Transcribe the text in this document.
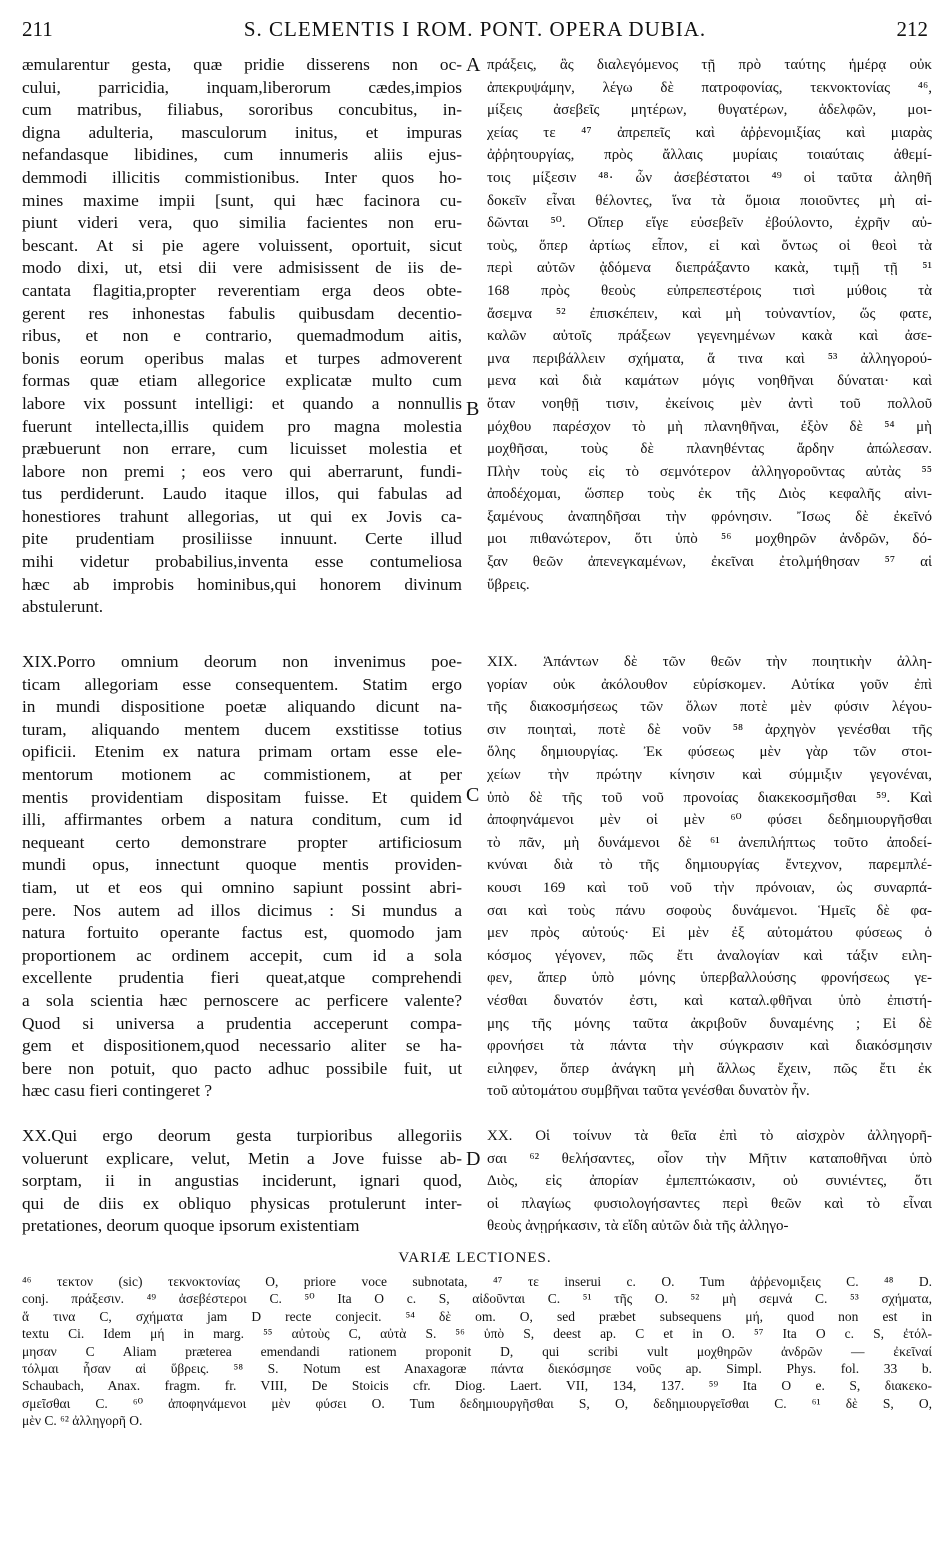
211	S. CLEMENTIS I ROM. PONT. OPERA DUBIA.	212
æmularentur gesta, quæ pridie disserens non oc-
cului, parricidia, inquam,liberorum cædes,impios
cum matribus, filiabus, sororibus concubitus, in-
digna adulteria, masculorum initus, et impuras
nefandasque libidines, cum innumeris aliis ejus-
demmodi illicitis commistionibus. Inter quos ho-
mines maxime impii [sunt, qui hæc facinora cu-
piunt videri vera, quo similia facientes non eru-
bescant. At si pie agere voluissent, oportuit, sicut
modo dixi, ut, etsi dii vere admisissent de iis de-
cantata flagitia,propter reverentiam erga deos obte-
gerent res inhonestas fabulis quibusdam decentio-
ribus, et non e contrario, quemadmodum aitis,
bonis eorum operibus malas et turpes admoverent
formas quæ etiam allegorice explicatæ multo cum
labore vix possunt intelligi: et quando a nonnullis
fuerunt intellecta,illis quidem pro magna molestia
præbuerunt non errare, cum licuisset molestia et
labore non premi ; eos vero qui aberrarunt, fundi-
tus perdiderunt. Laudo itaque illos, qui fabulas ad
honestiores trahunt allegorias, ut qui ex Jovis ca-
pite prudentiam prosiliisse innuunt. Certe illud
mihi videtur probabilius,inventa esse contumeliosa
hæc ab improbis hominibus,qui honorem divinum
abstulerunt.
XIX.Porro omnium deorum non invenimus poe-
ticam allegoriam esse consequentem. Statim ergo
in mundi dispositione poetæ aliquando dicunt na-
turam, aliquando mentem ducem exstitisse totius
opificii. Etenim ex natura primam ortam esse ele-
mentorum motionem ac commistionem, at per
mentis providentiam dispositam fuisse. Et quidem
illi, affirmantes orbem a natura conditum, cum id
nequeant certo demonstrare propter artificiosum
mundi opus, innectunt quoque mentis providen-
tiam, ut et eos qui omnino sapiunt possint abri-
pere. Nos autem ad illos dicimus : Si mundus a
natura fortuito operante factus est, quomodo jam
proportionem ac ordinem accepit, cum id a sola
excellente prudentia fieri queat,atque comprehendi
a sola scientia hæc pernoscere ac perficere valente?
Quod si universa a prudentia acceperunt compa-
gem et dispositionem,quod necessario aliter se ha-
bere non potuit, quo pacto adhuc possibile fuit, ut
hæc casu fieri contingeret ?
XX.Qui ergo deorum gesta turpioribus allegoriis
voluerunt explicare, velut, Metin a Jove fuisse ab-
sorptam, ii in angustias inciderunt, ignari quod,
qui de diis ex obliquo physicas protulerunt inter-
pretationes, deorum quoque ipsorum existentiam
πράξεις, ἃς διαλεγόμενος τῇ πρὸ ταύτης ἡμέρᾳ οὐκ
ἀπεκρυψάμην, λέγω δὲ πατροφονίας, τεκνοκτονίας ⁴⁶,
μίξεις ἀσεβεῖς μητέρων, θυγατέρων, ἀδελφῶν, μοι-
χείας τε ⁴⁷ ἀπρεπεῖς καὶ ἀῤῥενομιξίας καὶ μιαρὰς
ἀῤῥητουργίας, πρὸς ἄλλαις μυρίαις τοιαύταις ἀθεμί-
τοις μίξεσιν ⁴⁸· ὧν ἀσεβέστατοι ⁴⁹ οἱ ταῦτα ἀληθῆ
δοκεῖν εἶναι θέλοντες, ἵνα τὰ ὅμοια ποιοῦντες μὴ αἰ-
δῶνται ⁵⁰. Οἵπερ εἴγε εὐσεβεῖν ἐβούλοντο, ἐχρῆν αὐ-
τοὺς, ὅπερ ἀρτίως εἶπον, εἰ καὶ ὄντως οἱ θεοὶ τὰ
περὶ αὐτῶν ᾀδόμενα διεπράξαντο κακὰ, τιμῇ τῇ ⁵¹
168 πρὸς θεοὺς εὐπρεπεστέροις τισὶ μύθοις τὰ
ἄσεμνα ⁵² ἐπισκέπειν, καὶ μὴ τοὐναντίον, ὥς φατε,
καλῶν αὐτοῖς πράξεων γεγενημένων κακὰ καὶ ἀσε-
μνα περιβάλλειν σχήματα, ἅ τινα καὶ ⁵³ ἀλληγορού-
μενα καὶ διὰ καμάτων μόγις νοηθῆναι δύναται· καὶ
ὅταν νοηθῇ τισιν, ἐκείνοις μὲν ἀντὶ τοῦ πολλοῦ
μόχθου παρέσχον τὸ μὴ πλανηθῆναι, ἐξὸν δὲ ⁵⁴ μὴ
μοχθῆσαι, τοὺς δὲ πλανηθέντας ἄρδην ἀπώλεσαν.
Πλὴν τοὺς εἰς τὸ σεμνότερον ἀλληγοροῦντας αὐτὰς ⁵⁵
ἀποδέχομαι, ὥσπερ τοὺς ἐκ τῆς Διὸς κεφαλῆς αἰνι-
ξαμένους ἀναπηδῆσαι τὴν φρόνησιν. Ἴσως δὲ ἐκεῖνό
μοι πιθανώτερον, ὅτι ὑπὸ ⁵⁶ μοχθηρῶν ἀνδρῶν, δό-
ξαν θεῶν ἀπενεγκαμένων, ἐκεῖναι ἐτολμήθησαν ⁵⁷ αἱ
ὕβρεις.
XIX. Ἁπάντων δὲ τῶν θεῶν τὴν ποιητικὴν ἀλλη-
γορίαν οὐκ ἀκόλουθον εὑρίσκομεν. Αὐτίκα γοῦν ἐπὶ
τῆς διακοσμήσεως τῶν ὅλων ποτὲ μὲν φύσιν λέγου-
σιν ποιηταὶ, ποτὲ δὲ νοῦν ⁵⁸ ἀρχηγὸν γενέσθαι τῆς
ὅλης δημιουργίας. Ἐκ φύσεως μὲν γὰρ τῶν στοι-
χείων τὴν πρώτην κίνησιν καὶ σύμμιξιν γεγονέναι,
ὑπὸ δὲ τῆς τοῦ νοῦ προνοίας διακεκοσμῆσθαι ⁵⁹. Καὶ
ἀποφηνάμενοι μὲν οἱ μὲν ⁶⁰ φύσει δεδημιουργῆσθαι
τὸ πᾶν, μὴ δυνάμενοι δὲ ⁶¹ ἀνεπιλήπτως τοῦτο ἀποδεί-
κνύναι διὰ τὸ τῆς δημιουργίας ἔντεχνον, παρεμπλέ-
κουσι 169 καὶ τοῦ νοῦ τὴν πρόνοιαν, ὡς συναρπά-
σαι καὶ τοὺς πάνυ σοφοὺς δυνάμενοι. Ἡμεῖς δὲ φα-
μεν πρὸς αὐτούς· Εἰ μὲν ἐξ αὐτομάτου φύσεως ὁ
κόσμος γέγονεν, πῶς ἔτι ἀναλογίαν καὶ τάξιν ειλη-
φεν, ἅπερ ὑπὸ μόνης ὑπερβαλλούσης φρονήσεως γε-
νέσθαι δυνατόν ἐστι, καὶ καταλ.φθῆναι ὑπὸ ἐπιστή-
μης τῆς μόνης ταῦτα ἀκριβοῦν δυναμένης ; Εἰ δὲ
φρονήσει τὰ πάντα τὴν σύγκρασιν καὶ διακόσμησιν
ειληφεν, ὅπερ ἀνάγκη μὴ ἄλλως ἔχειν, πῶς ἔτι ἐκ
τοῦ αὐτομάτου συμβῆναι ταῦτα γενέσθαι δυνατὸν ἦν.
XX. Οἱ τοίνυν τὰ θεῖα ἐπὶ τὸ αἰσχρὸν ἀλληγορῆ-
σαι ⁶² θελήσαντες, οἷον τὴν Μῆτιν καταποθῆναι ὑπὸ
Διὸς, εἰς ἀπορίαν ἐμπεπτώκασιν, οὐ συνιέντες, ὅτι
οἱ πλαγίως φυσιολογήσαντες περὶ θεῶν καὶ τὸ εἶναι
θεοὺς ἀνῃρήκασιν, τὰ εἴδη αὐτῶν διὰ τῆς ἀλληγο-
A
B
C
D
VARIÆ LECTIONES.
⁴⁶ τεκτον (sic) τεκνοκτονίας O, priore voce subnotata, ⁴⁷ τε inserui c. O. Tum ἀῤῥενομιξεις C. ⁴⁸ D.
conj. πράξεσιν. ⁴⁹ ἀσεβέστεροι C. ⁵⁰ Ita O c. S, αἰδοῦνται C. ⁵¹ τῆς O. ⁵² μὴ σεμνά C. ⁵³ σχήματα,
ἅ τινα C, σχήματα jam D recte conjecit. ⁵⁴ δὲ om. O, sed præbet subsequens μή, quod non est in
textu Ci. Idem μή in marg. ⁵⁵ αὐτοὺς C, αὐτὰ S. ⁵⁶ ὑπὸ S, deest ap. C et in O. ⁵⁷ Ita O c. S, ἐτόλ-
μησαν C Aliam præterea emendandi rationem proponit D, qui scribi vult μοχθηρῶν ἀνδρῶν — ἐκεῖναί
τόλμαι ἦσαν αἱ ὕβρεις. ⁵⁸ S. Notum est Anaxagoræ πάντα διεκόσμησε νοῦς ap. Simpl. Phys. fol. 33 b.
Schaubach, Anax. fragm. fr. VIII, De Stoicis cfr. Diog. Laert. VII, 134, 137. ⁵⁹ Ita O e. S, διακεκο-
σμεῖσθαι C. ⁶⁰ ἀποφηνάμενοι μὲν φύσει O. Tum δεδημιουργῆσθαι S, O, δεδημιουργεῖσθαι C. ⁶¹ δὲ S, O,
μὲν C. ⁶² ἀλληγορῆ O.
